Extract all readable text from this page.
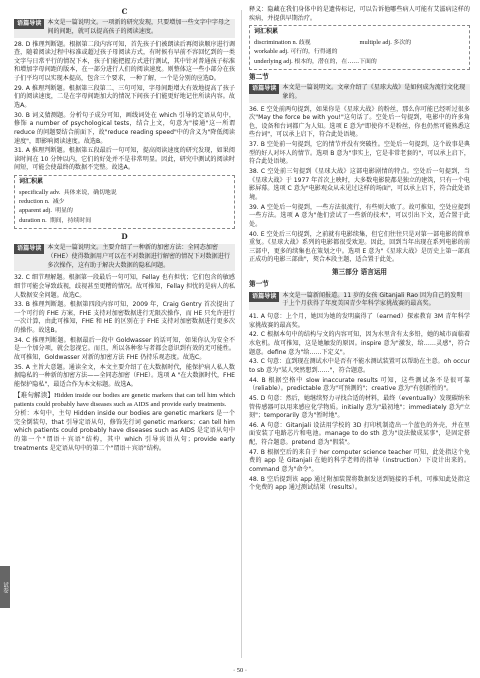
C
语篇导读 本文是一篇说明文。一项新的研究发现，只要增加一些文字中字母之间的间距，就可以提高孩子的阅读速度。

28. D 推理判断题。根据第二段内容可知，首先孩子们被朗读后再阅读顺序进行调查，随着阅读过程中标准或超过孩子母阅读方式，有时候有早前不容回忆到的一类文字与日常平行的情况下本，孩子们能把握方式进行测试，其中针对普通孩子标准和增加字母间距的版本，在一部分进行人们的阅读速度。则整体这一些小部分在孩子们平均可以实现本提高，包含三个要求，一种了解，一个是分别的应选D。

29. A 推理判断题。根据第三段第二、三句可知，字母间距增大有效地提高了孩子们的阅读速度，二是在字母间距加大的情况下间孩子们能更好地记住所读内容。故选A。

30. B 词义猜测题。分析句子成分可知，画线词处在 which 引导的定语从句中，修饰 a number of psychological tests，结合上文，句意为"接通"这一所谓 reduce 的问题要结合前面下，故"reduce reading speed"中的含义为"降低阅读速度"，即影响阅读速度。故选B。

31. A 推理判断题。根据第五段最后一句可知，提高阅读速度的研究发现，如果阅读时间在 10 分钟以内，它们的好处并不是非常明显。因此，研究中测试的阅读时间短，可能会使最终的数据不完整。故选A。

词汇积累
specifically adv. 具体来说，确切地说
reduction n. 减少
apparent adj. 明显的
duration n. 期间，持续时间
D
语篇导读 本文是一篇说明文。主要介绍了一种新的加密方法：全同态加密（FHE）使得数据用户可以在不对数据进行解密的情况下对数据进行多次操作，这有助于解决大数据的隐私问题。

32. C 细节理解题。根据第一段最后一句可知，Fellay 也有担忧；它们包含的敏感细节可能会导致歧视，歧视甚至更糟的情况。故可推知，Fellay 担忧的是病人的私人数据安全问题。故选C。

33. B 推理判断题。根据第四段内容可知，2009 年，Craig Gentry 首次提出了一个可行的 FHE 方案，FHE 支持对加密数据进行无限次操作，而 HE 只允许进行一次计算，由此可推知，FHE 和 HE 的区别在于 FHE 支持对加密数据进行更多次的操作。故选B。

34. C 推理判断题。根据最后一段中 Goldwasser 的话可知，如果你认为安全不是一个加分项，就会忽视它。而且，所以各种参与者都会意识到有效的无可能性。故可推知，Goldwasser 对新的加密方法 FHE 仍持乐观态度。故选C。

35. A 主旨大意题。通读全文，本文主要介绍了在大数据时代，能保护病人私人数据隐私的一种新的加密方法——全同态加密（FHE）。选项 A "在大数据时代，FHE 能保护隐私"，最适合作为本文标题。故选A。

【难句解读】Hidden inside our bodies are genetic markers that can tell him which patients could probably have diseases such as AIDS and provide early treatments.

分析：本句中，主句 Hidden inside our bodies are genetic markers 是一个完全倒装句，that 引导定语从句，修饰先行词 genetic markers；can tell him which patients could probably have diseases such as AIDS 是定语从句中的第一个"谓语＋宾语"结构，其中 which 引导宾语从句；provide early treatments 是定语从句中的第二个"谓语＋宾语"结构。

释义：隐藏在我们身体中的是遗传标记，可以告诉他哪些病人可能有艾滋病这样的疾病，并提供早期治疗。

词汇积累
discrimination n. 歧视	multiple adj. 多次的
workable adj. 可行的，行得通的
underlying adj. 根本的，潜在的，在……下面的
第二节
语篇导读 本文是一篇说明文。文章介绍了《星球大战》是如何成为流行文化现象的。

36. E 空处前两句提到，如果你是《星球大战》的粉丝，那么你可能已经听过很多次"May the force be with you!"这句话了。空处后一句提到，电影中的许多角色，设备和台词都广为人知。选项 E 意为"即使你不是粉丝，你也仍然可能熟悉这些台词"，可以承上启下，符合此处语境。

37. B 空处前一句提到，它的情节并没有突破性。空处后一句提到，这个故事是典型的好人对坏人的情节。选项 B 意为"事实上，它是非常老套的"，可以承上启下，符合此处语境。

38. C 空处前三句提到《星球大战》这部电影剧情的特点。空处后一句提到，当《星球大战》于 1977 年首次上映时，大多数电影院都是独立的建筑，只有一个电影屏幕。选项 C 意为"电影观众从未见过这样的场面"，可以承上启下，符合此处语境。

39. A 空处后一句提到，一些方法很流行，有些则大败了。故可推知，空处应提到一些方法。选项 A 意为"他们尝试了一些新的技术"，可以引出下文，适合置于此处。

40. E 空处后三句提到，之前就有电影续集，但它们往往只是对第一部电影的简单重复。《星球大战》系列的电影都很受欢迎。因此，回到当年出现在系列电影的前三部中，更多的续集也在策划之中。选项 E 意为"《星球大战》是历史上第一部真正成功的电影三部曲"，契合本段主题，适合置于此处。

第三部分 语言运用
第一节
语篇导读 本文是一篇新闻报道。11 岁的女孩 Gitanjali Rao 因为自己的发明于上个月获得了年度美国青少年科学家挑战赛的最高奖。

41. A 句意：上个月，她因为她的发明赢得了（earned）探索教育 3M 青年科学家挑战赛的最高奖。

42. C 根据本句中的结构与文的内容可知，因为水里含有太多铅，她的城市面临着水危机。故可推知，这是她触发的原因。inspire 意为"激发，给……灵感"，符合题意。define 意为"给……下定义"。

43. C 句意：直到现在测试水中是否有不能水测试装置可以帮助在主意。oh occur to sb 意为"某人突然想到……"，符合题意。

44. B 根据空格中 slow inaccurate results 可知，这些测试条不是很可靠（reliable）。predictable 意为"可预测的"；creative 意为"有创新性的"。

45. D 句意：然后，她继续努力寻找合适的材料，最终（eventually）发现碳纳米管传感器可以用来感应化学物质。initially 意为"最初地"；immediately 意为"立刻"；temporarily 意为"暂时地"。

46. A 句意：Gitanjali 设法用学校的 3D 打印机制造出一个蓝色的外壳，并在里面安装了电路芯片和电池。manage to do sth 意为"设法做成某事"，是固定搭配，符合题意。pretend 意为"假装"。

47. B 根据空后的来自于 her computer science teacher 可知，此处指这个免费的 app 是 Gitanjali 在她的科学老师的指导（instruction）下设计出来的。command 意为"命令"。

48. B 空后提到该 app 通过附加装置将数据发送到链接的手机，可推知此处指这个免费的 app 通过测试结果（results）。

试卷
· 50 ·
